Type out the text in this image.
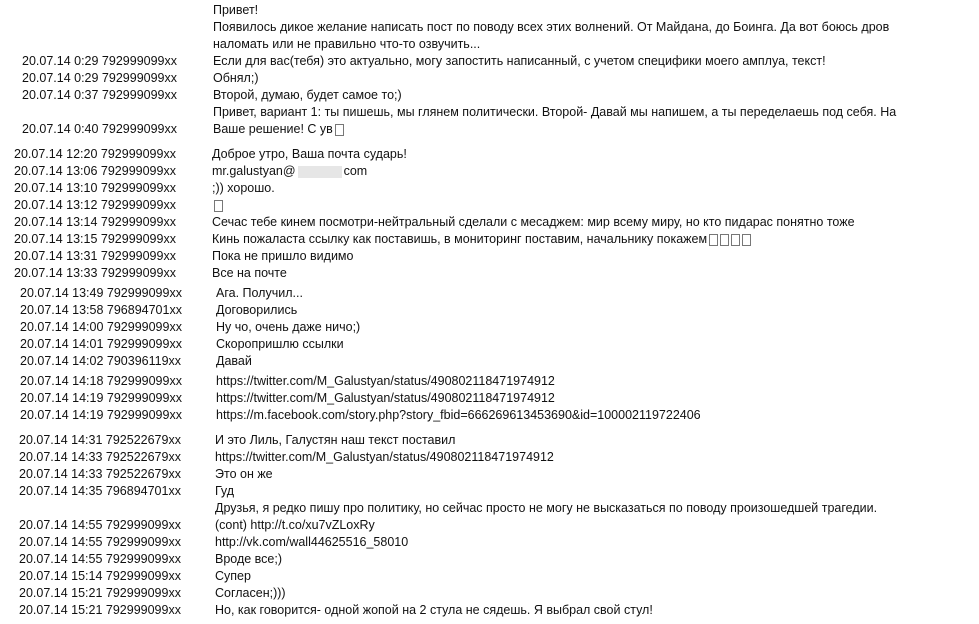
Привет!
Появилось дикое желание написать пост по поводу всех этих волнений. От Майдана, до Боинга. Да вот боюсь дров
наломать или не правильно что-то озвучить...
20.07.14 0:29 792999099xx	Если для вас(тебя) это актуально, могу запостить написанный, с учетом специфики моего амплуа, текст!
20.07.14 0:29 792999099xx	Обнял;)
20.07.14 0:37 792999099xx	Второй, думаю, будет самое то;)
Привет, вариант 1: ты пишешь, мы глянем политически. Второй- Давай мы напишем, а ты переделаешь под себя. На
20.07.14 0:40 792999099xx	Ваше решение! С ув
20.07.14 12:20 792999099xx	Доброе утро, Ваша почта сударь!
20.07.14 13:06 792999099xx	mr.galustyan@	com
20.07.14 13:10 792999099xx	;)) хорошо.
20.07.14 13:12 792999099xx
20.07.14 13:14 792999099xx	Сечас тебе кинем посмотри-нейтральный сделали с месаджем: мир всему миру, но кто пидарас понятно тоже
20.07.14 13:15 792999099xx	Кинь пожаластa ссылку как поставишь, в мониторинг поставим, начальнику покажем
20.07.14 13:31 792999099xx	Пока не пришло видимо
20.07.14 13:33 792999099xx	Все на почте
20.07.14 13:49 792999099xx	Ага. Получил...
20.07.14 13:58 796894701xx	Договорились
20.07.14 14:00 792999099xx	Ну чо, очень даже ничо;)
20.07.14 14:01 792999099xx	Скоропришлю ссылки
20.07.14 14:02 790396119xx	Давай
20.07.14 14:18 792999099xx	https://twitter.com/M_Galustyan/status/490802118471974912
20.07.14 14:19 792999099xx	https://twitter.com/M_Galustyan/status/490802118471974912
20.07.14 14:19 792999099xx	https://m.facebook.com/story.php?story_fbid=666269613453690&id=100002119722406
20.07.14 14:31 792522679xx	И это Лиль, Галустян наш текст поставил
20.07.14 14:33 792522679xx	https://twitter.com/M_Galustyan/status/490802118471974912
20.07.14 14:33 792522679xx	Это он же
20.07.14 14:35 796894701xx	Гуд
Друзья, я редко пишу про политику, но сейчас просто не могу не высказаться по поводу произошедшей трагедии.
20.07.14 14:55 792999099xx	(cont) http://t.co/xu7vZLoxRy
20.07.14 14:55 792999099xx	http://vk.com/wall44625516_58010
20.07.14 14:55 792999099xx	Вроде все;)
20.07.14 15:14 792999099xx	Супер
20.07.14 15:21 792999099xx	Согласен;)))
20.07.14 15:21 792999099xx	Но, как говорится- одной жопой на 2 стула не сядешь. Я выбрал свой стул!
